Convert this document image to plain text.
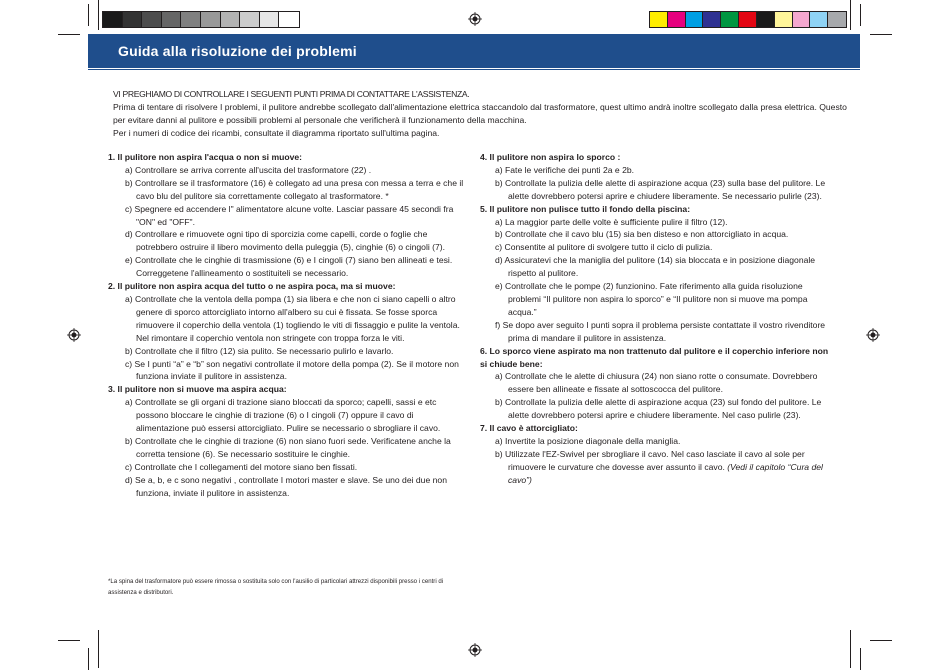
Guida alla risoluzione dei problemi

VI PREGHIAMO DI CONTROLLARE I SEGUENTI PUNTI PRIMA DI CONTATTARE L'ASSISTENZA.

Prima di tentare di risolvere I problemi, il pulitore andrebbe scollegato dall'alimentazione elettrica staccandolo dal trasformatore, quest ultimo andrà inoltre scollegato dalla presa elettrica. Questo per evitare danni al pulitore e possibili problemi al personale che verificherà il funzionamento della macchina.

Per i numeri di codice dei ricambi, consultate il diagramma riportato sull'ultima pagina.

1. Il pulitore non aspira l'acqua o non si muove:

a) Controllare se arriva corrente all'uscita del trasformatore (22) .

b) Controllare se il trasformatore (16) è collegato ad una presa con messa a terra e che il cavo blu del pulitore sia correttamente collegato al trasformatore. *

c) Spegnere ed accendere l" alimentatore alcune volte. Lasciar passare 45 secondi fra "ON" ed "OFF".

d) Controllare e rimuovete ogni tipo di sporcizia come capelli, corde o foglie che potrebbero ostruire il libero movimento della puleggia (5), cinghie (6) o cingoli (7).

e) Controllate che le cinghie di trasmissione (6) e I cingoli (7) siano ben allineati e tesi. Correggetene l'allineamento o sostituiteli se necessario.

2. Il pulitore non aspira acqua del tutto o ne aspira poca, ma si muove:

a) Controllate che la ventola della pompa (1) sia libera e che non ci siano capelli o altro genere di sporco attorcigliato intorno all'albero su cui è fissata. Se fosse sporca rimuovere il coperchio della ventola (1) togliendo le viti di fissaggio e pulite la ventola. Nel rimontare il coperchio ventola non stringete con troppa forza le viti.

b) Controllate che il filtro (12) sia pulito. Se necessario pulirlo e lavarlo.

c) Se I punti “a” e “b” son negativi controllate il motore della pompa (2). Se il motore non funziona inviate il pulitore in assistenza.

3. Il pulitore non si muove ma aspira acqua:

a) Controllate se gli organi di trazione siano bloccati da sporco; capelli, sassi e etc possono bloccare le cinghie di trazione (6) o I cingoli (7) oppure il cavo di alimentazione può essersi attorcigliato. Pulire se necessario o sbrogliare il cavo.

b) Controllate che le cinghie di trazione (6) non siano fuori sede. Verificatene anche la corretta tensione (6). Se necessario sostituire le cinghie.

c) Controllate che I collegamenti del motore siano ben fissati.

d) Se a, b, e c sono negativi , controllate I motori master e slave. Se uno dei due non funziona, inviate il pulitore in assistenza.

*La spina del trasformatore può essere rimossa o sostituita solo con l'ausilio di particolari attrezzi disponibili presso i centri di assistenza e distributori.

4. Il pulitore non aspira lo sporco :

a) Fate le verifiche dei punti 2a e 2b.

b) Controllate la pulizia delle alette di aspirazione acqua (23) sulla base del pulitore. Le alette dovrebbero potersi aprire e chiudere liberamente. Se necessario pulirle (23).

5. Il pulitore non pulisce tutto il fondo della piscina:

a) La maggior parte delle volte è sufficiente pulire il filtro (12).

b) Controllate che il cavo blu (15) sia ben disteso e non attorcigliato in acqua.

c) Consentite al pulitore di svolgere tutto il ciclo di pulizia.

d) Assicuratevi che la maniglia del pulitore (14) sia bloccata e in posizione diagonale rispetto al pulitore.

e) Controllate che le pompe (2) funzionino. Fate riferimento alla guida risoluzione problemi “Il pulitore non aspira lo sporco” e “Il pulitore non si muove ma pompa acqua.”

f) Se dopo aver seguito I punti sopra il problema persiste contattate il vostro rivenditore prima di mandare il pulitore in assistenza.

6. Lo sporco viene aspirato ma non trattenuto dal pulitore e il coperchio inferiore non si chiude bene:

a) Controllate che le alette di chiusura (24) non siano rotte o consumate. Dovrebbero essere ben allineate e fissate al sottoscocca del pulitore.

b) Controllate la pulizia delle alette di aspirazione acqua (23) sul fondo del pulitore. Le alette dovrebbero potersi aprire e chiudere liberamente. Nel caso pulirle (23).

7. Il cavo è attorcigliato:

a) Invertite la posizione diagonale della maniglia.

b) Utilizzate l'EZ-Swivel per sbrogliare il cavo. Nel caso lasciate il cavo al sole per rimuovere le curvature che dovesse aver assunto il cavo. (Vedi il capitolo “Cura del cavo”)
